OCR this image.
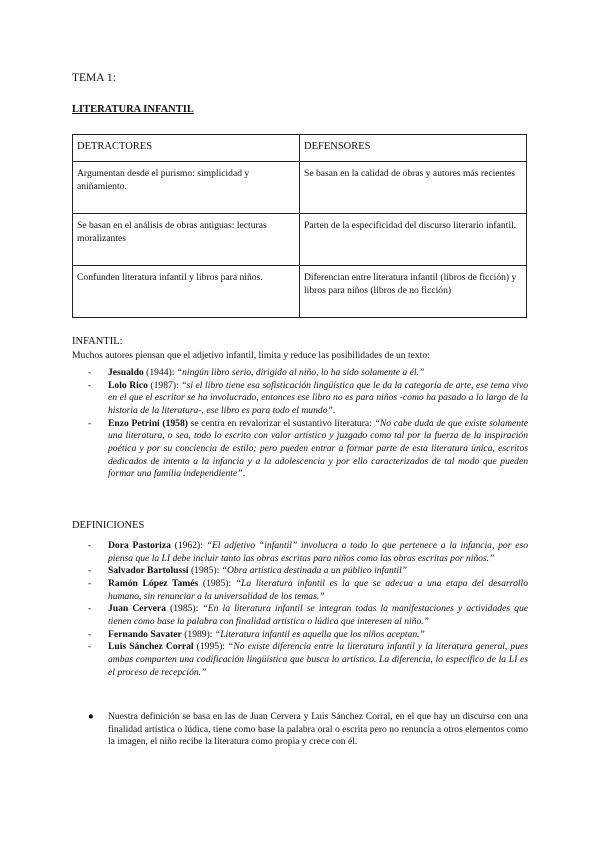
TEMA 1:
LITERATURA INFANTIL
DETRACTORES	DEFENSORES
Argumentan desde el purismo: simplicidad y aniñamiento.	Se basan en la calidad de obras y autores más recientes
Se basan en el análisis de obras antiguas: lecturas moralizantes	Parten de la especificidad del discurso literario infantil.
Confunden literatura infantil y libros para niños.	Diferencian entre literatura infantil (libros de ficción) y libros para niños (libros de no ficción)
INFANTIL:
Muchos autores piensan que el adjetivo infantil, limita y reduce las posibilidades de un texto:
- Jesualdo (1944): “ningún libro serio, dirigido al niño, lo ha sido solamente a él.”
- Lolo Rico (1987): “si el libro tiene esa sofisticación lingüística que le da la categoría de arte, ese tema vivo en el que el escritor se ha involucrado, entonces ese libro no es para niños -como ha pasado a lo largo de la historia de la literatura-, ese libro es para todo el mundo”.
- Enzo Petrini (1958) se centra en revalorizar el sustantivo literatura: “No cabe duda de que existe solamente una literatura, o sea, todo lo escrito con valor artístico y juzgado como tal por la fuerza de la inspiración poética y por su conciencia de estilo; pero pueden entrar a formar parte de esta literatura única, escritos dedicados de intento a la infancia y a la adolescencia y por ello caracterizados de tal modo que pueden formar una familia independiente”.
DEFINICIONES
- Dora Pastoriza (1962): “El adjetivo “infantil” involucra a todo lo que pertenece a la infancia, por eso piensa que la LI debe incluir tanto las obras escritas para niños como las obras escritas por niños.”
- Salvador Bartolussi (1985): “Obra artística destinada a un público infantil”
- Ramón López Tamés (1985): “La literatura infantil es la que se adecua a una etapa del desarrollo humano, sin renunciar a la universalidad de los temas.”
- Juan Cervera (1985): “En la literatura infantil se integran todas la manifestaciones y actividades que tienen como base la palabra con finalidad artística o lúdica que interesen al niño.”
- Fernando Savater (1989): “Literatura infantil es aquella que los niños aceptan.”
- Luis Sánchez Corral (1995): “No existe diferencia entre la literatura infantil y la literatura general, pues ambas comparten una codificación lingüística que busca lo artístico. La diferencia, lo específico de la LI es el proceso de recepción.”
●	Nuestra definición se basa en las de Juan Cervera y Luis Sánchez Corral, en el que hay un discurso con una finalidad artística o lúdica, tiene como base la palabra oral o escrita pero no renuncia a otros elementos como la imagen, el niño recibe la literatura como propia y crece con él.
